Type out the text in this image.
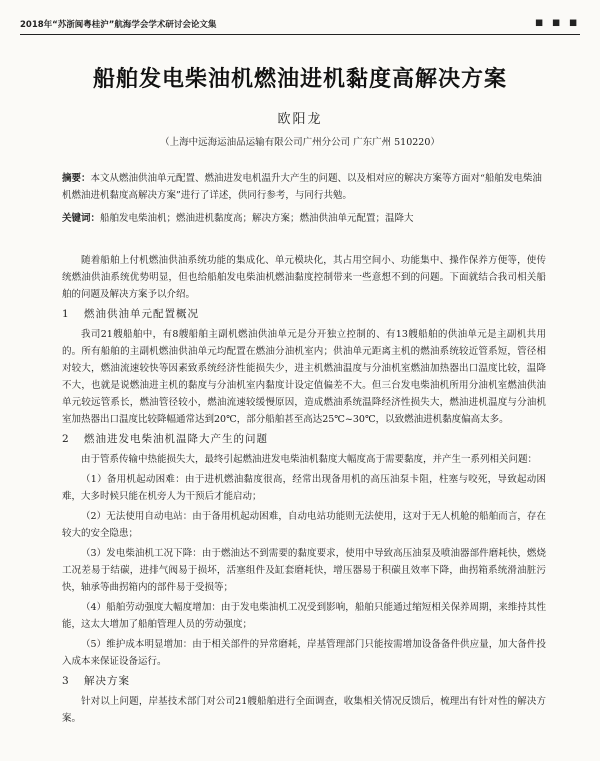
2018年“苏浙闽粤桂沪”航海学会学术研讨会论文集	■ ■ ■
船舶发电柴油机燃油进机黏度高解决方案
欧阳龙
（上海中远海运油品运输有限公司广州分公司 广东广州 510220）
摘要：本文从燃油供油单元配置、燃油进发电机温升大产生的问题、以及相对应的解决方案等方面对“船舶发电柴油机燃油进机黏度高解决方案”进行了详述，供同行参考，与同行共勉。
关键词：船舶发电柴油机；燃油进机黏度高；解决方案；燃油供油单元配置；温降大

随着船舶上付机燃油供油系统功能的集成化、单元模块化，其占用空间小、功能集中、操作保养方便等，使传统燃油供油系统优势明显，但也给船舶发电柴油机燃油黏度控制带来一些意想不到的问题。下面就结合我司相关船舶的问题及解决方案予以介绍。

1 燃油供油单元配置概况

我司21艘船舶中，有8艘船舶主副机燃油供油单元是分开独立控制的、有13艘船舶的供油单元是主副机共用的。所有船舶的主副机燃油供油单元均配置在燃油分油机室内；供油单元距离主机的燃油系统较近管系短，管径相对较大，燃油流速较快等因素致系统经济性能损失少，进主机燃油温度与分油机室燃油加热器出口温度比较，温降不大，也就是说燃油进主机的黏度与分油机室内黏度计设定值偏差不大。但三台发电柴油机所用分油机室燃油供油单元较远管系长，燃油管径较小，燃油流速较缓慢原因，造成燃油系统温降经济性损失大，燃油进机温度与分油机室加热器出口温度比较降幅通常达到20℃，部分船舶甚至高达25℃~30℃，以致燃油进机黏度偏高太多。

2 燃油进发电柴油机温降大产生的问题

由于管系传输中热能损失大，最终引起燃油进发电柴油机黏度大幅度高于需要黏度，并产生一系列相关问题：

（1）备用机起动困难：由于进机燃油黏度很高，经常出现备用机的高压油泵卡阻，柱塞与咬死，导致起动困难，大多时候只能在机旁人为干预后才能启动；

（2）无法使用自动电站：由于备用机起动困难，自动电站功能则无法使用，这对于无人机舱的船舶而言，存在较大的安全隐患；

（3）发电柴油机工况下降：由于燃油达不到需要的黏度要求，使用中导致高压油泵及喷油器部件磨耗快，燃烧工况差易于结碳，进排气阀易于损坏，活塞组件及缸套磨耗快，增压器易于积碳且效率下降，曲拐箱系统滑油脏污快，轴承等曲拐箱内的部件易于受损等；

（4）船舶劳动强度大幅度增加：由于发电柴油机工况受到影响，船舶只能通过缩短相关保养周期，来维持其性能，这太大增加了船舶管理人员的劳动强度；

（5）维护成本明显增加：由于相关部件的异常磨耗，岸基管理部门只能按需增加设备备件供应量，加大备件投入成本来保证设备运行。

3 解决方案

针对以上问题，岸基技术部门对公司21艘船舶进行全面调查，收集相关情况反馈后，梳理出有针对性的解决方案。
